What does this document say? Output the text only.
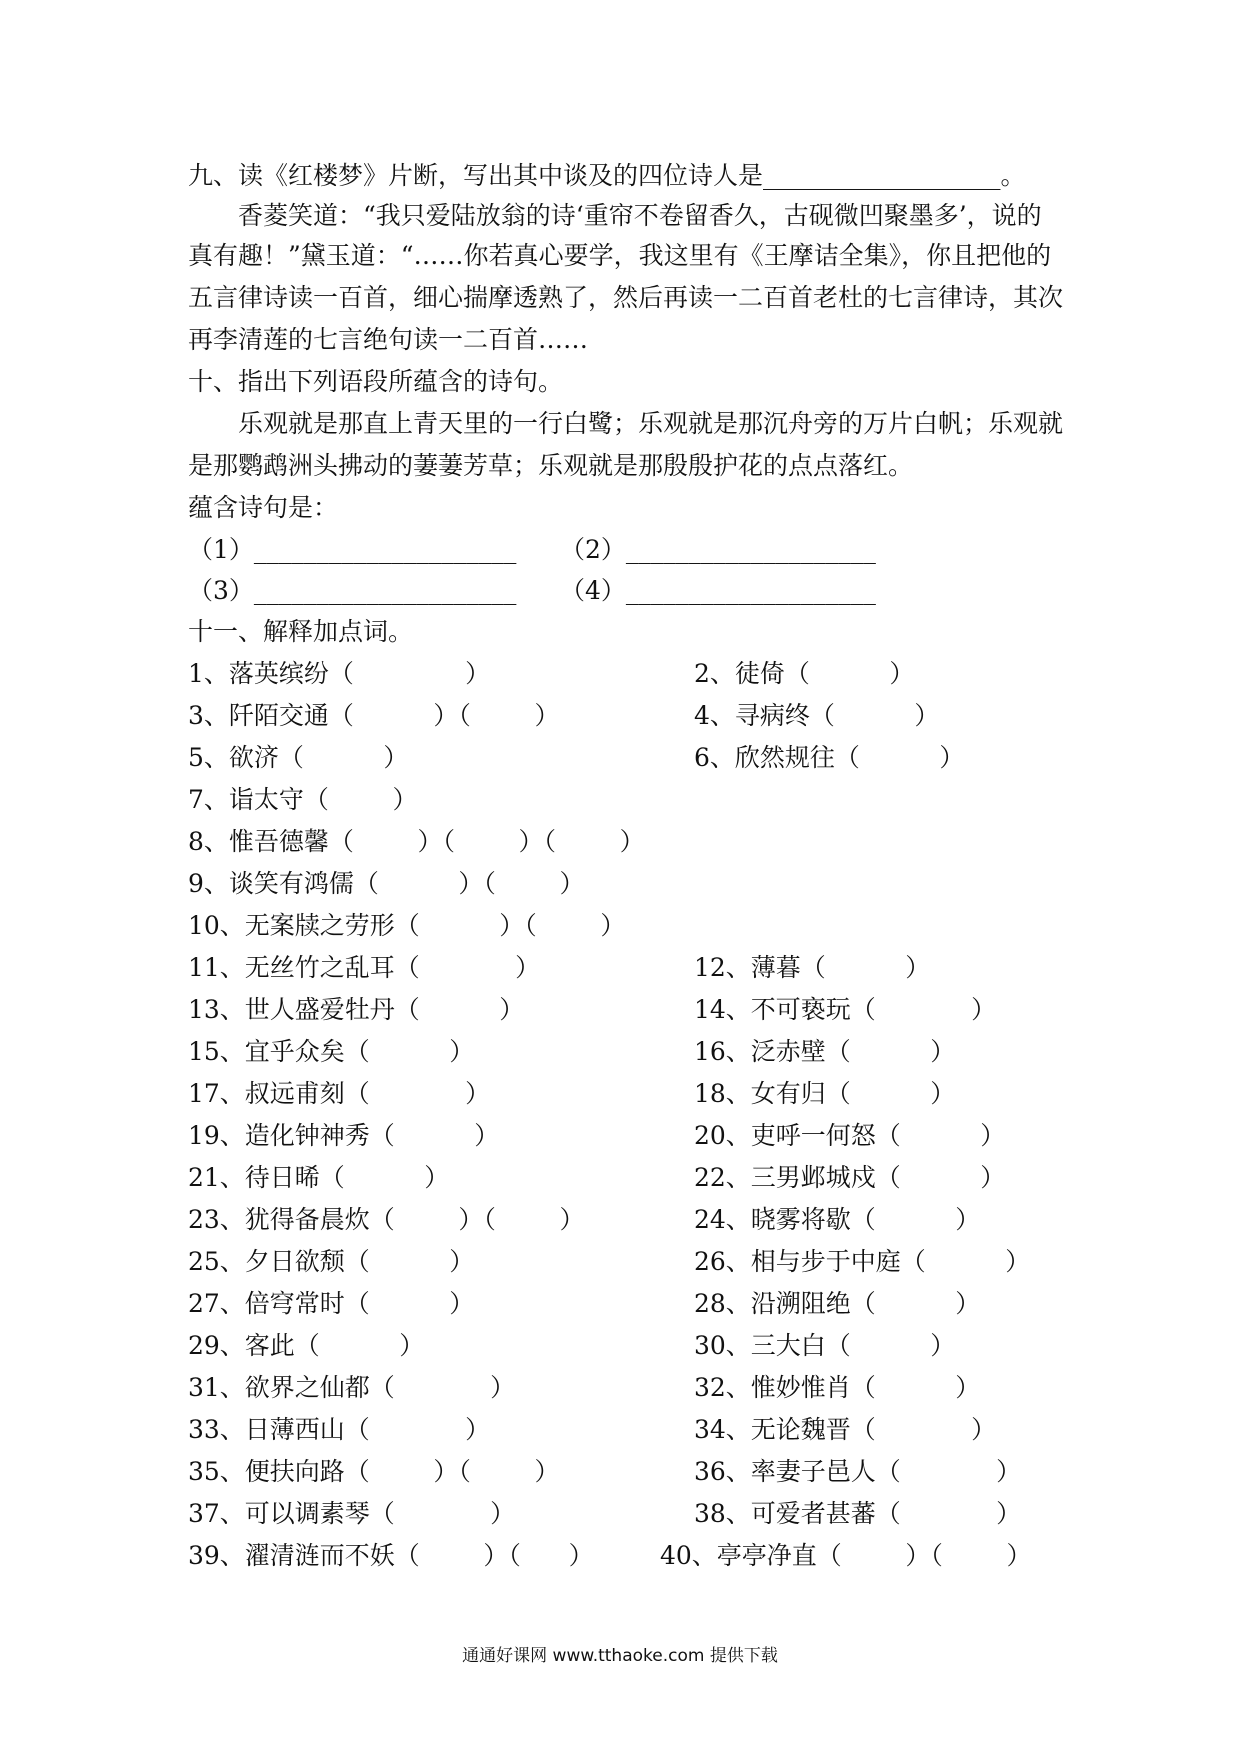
九、读《红楼梦》片断，写出其中谈及的四位诗人是___________________。
香菱笑道：“我只爱陆放翁的诗‘重帘不卷留香久，古砚微凹聚墨多’，说的
真有趣！”黛玉道：“……你若真心要学，我这里有《王摩诘全集》，你且把他的
五言律诗读一百首，细心揣摩透熟了，然后再读一二百首老杜的七言律诗，其次
再李清莲的七言绝句读一二百首……
十、指出下列语段所蕴含的诗句。
乐观就是那直上青天里的一行白鹭；乐观就是那沉舟旁的万片白帆；乐观就
是那鹦鹉洲头拂动的萋萋芳草；乐观就是那殷殷护花的点点落红。
蕴含诗句是：
（1）_____________________ （2）____________________
（3）_____________________ （4）____________________
十一、解释加点词。
1、落英缤纷（              ）	2、徒倚（          ）
3、阡陌交通（          ）（        ）	4、寻病终（          ）
5、欲济（          ）	6、欣然规往（          ）
7、诣太守（        ）
8、惟吾德馨（        ）（        ）（        ）
9、谈笑有鸿儒（          ）（        ）
10、无案牍之劳形（          ）（        ）
11、无丝竹之乱耳（            ）	12、薄暮（          ）
13、世人盛爱牡丹（          ）	14、不可亵玩（            ）
15、宜乎众矣（          ）	16、泛赤壁（          ）
17、叔远甫刻（            ）	18、女有归（          ）
19、造化钟神秀（          ）	20、吏呼一何怒（          ）
21、待日晞（          ）	22、三男邺城戍（          ）
23、犹得备晨炊（        ）（        ）	24、晓雾将歇（          ）
25、夕日欲颓（          ）	26、相与步于中庭（          ）
27、倍穹常时（          ）	28、沿溯阻绝（          ）
29、客此（          ）	30、三大白（          ）
31、欲界之仙都（            ）	32、惟妙惟肖（          ）
33、日薄西山（            ）	34、无论魏晋（            ）
35、便扶向路（        ）（        ）	36、率妻子邑人（            ）
37、可以调素琴（            ）	38、可爱者甚蕃（            ）
39、濯清涟而不妖（        ）（      ）	40、亭亭净直（        ）（        ）
通通好课网 www.tthaoke.com 提供下载
